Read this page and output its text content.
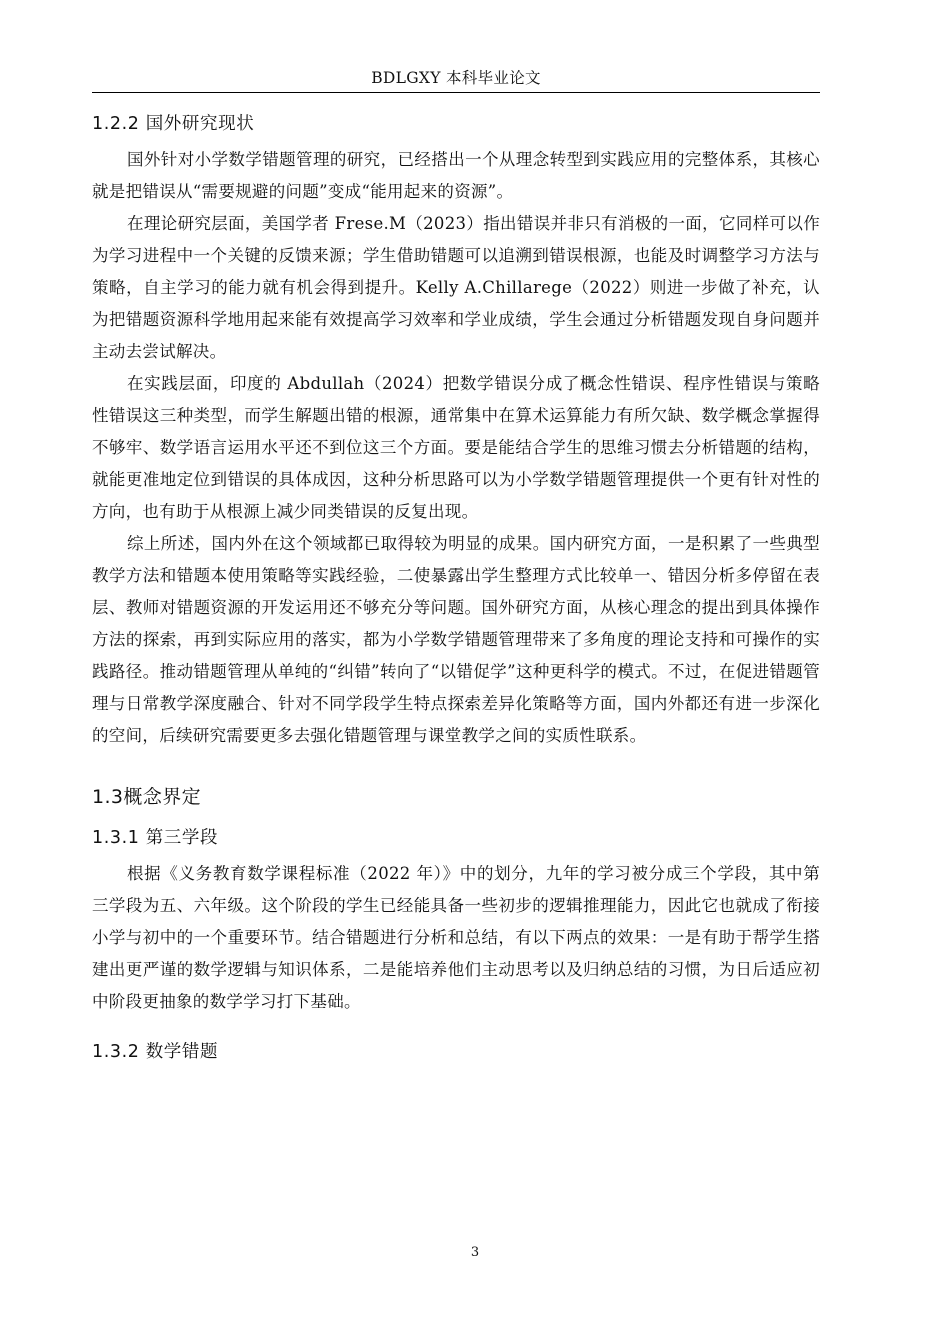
BDLGXY 本科毕业论文
1.2.2 国外研究现状

国外针对小学数学错题管理的研究，已经搭出一个从理念转型到实践应用的完整体系，其核心就是把错误从“需要规避的问题”变成“能用起来的资源”。

在理论研究层面，美国学者 Frese.M（2023）指出错误并非只有消极的一面，它同样可以作为学习进程中一个关键的反馈来源；学生借助错题可以追溯到错误根源，也能及时调整学习方法与策略，自主学习的能力就有机会得到提升。Kelly A.Chillarege（2022）则进一步做了补充，认为把错题资源科学地用起来能有效提高学习效率和学业成绩，学生会通过分析错题发现自身问题并主动去尝试解决。

在实践层面，印度的 Abdullah（2024）把数学错误分成了概念性错误、程序性错误与策略性错误这三种类型，而学生解题出错的根源，通常集中在算术运算能力有所欠缺、数学概念掌握得不够牢、数学语言运用水平还不到位这三个方面。要是能结合学生的思维习惯去分析错题的结构，就能更准地定位到错误的具体成因，这种分析思路可以为小学数学错题管理提供一个更有针对性的方向，也有助于从根源上减少同类错误的反复出现。

综上所述，国内外在这个领域都已取得较为明显的成果。国内研究方面，一是积累了一些典型教学方法和错题本使用策略等实践经验，二使暴露出学生整理方式比较单一、错因分析多停留在表层、教师对错题资源的开发运用还不够充分等问题。国外研究方面，从核心理念的提出到具体操作方法的探索，再到实际应用的落实，都为小学数学错题管理带来了多角度的理论支持和可操作的实践路径。推动错题管理从单纯的“纠错”转向了“以错促学”这种更科学的模式。不过，在促进错题管理与日常教学深度融合、针对不同学段学生特点探索差异化策略等方面，国内外都还有进一步深化的空间，后续研究需要更多去强化错题管理与课堂教学之间的实质性联系。

1.3概念界定
1.3.1 第三学段

根据《义务教育数学课程标准（2022 年）》中的划分，九年的学习被分成三个学段，其中第三学段为五、六年级。这个阶段的学生已经能具备一些初步的逻辑推理能力，因此它也就成了衔接小学与初中的一个重要环节。结合错题进行分析和总结，有以下两点的效果：一是有助于帮学生搭建出更严谨的数学逻辑与知识体系，二是能培养他们主动思考以及归纳总结的习惯，为日后适应初中阶段更抽象的数学学习打下基础。

1.3.2 数学错题
3
